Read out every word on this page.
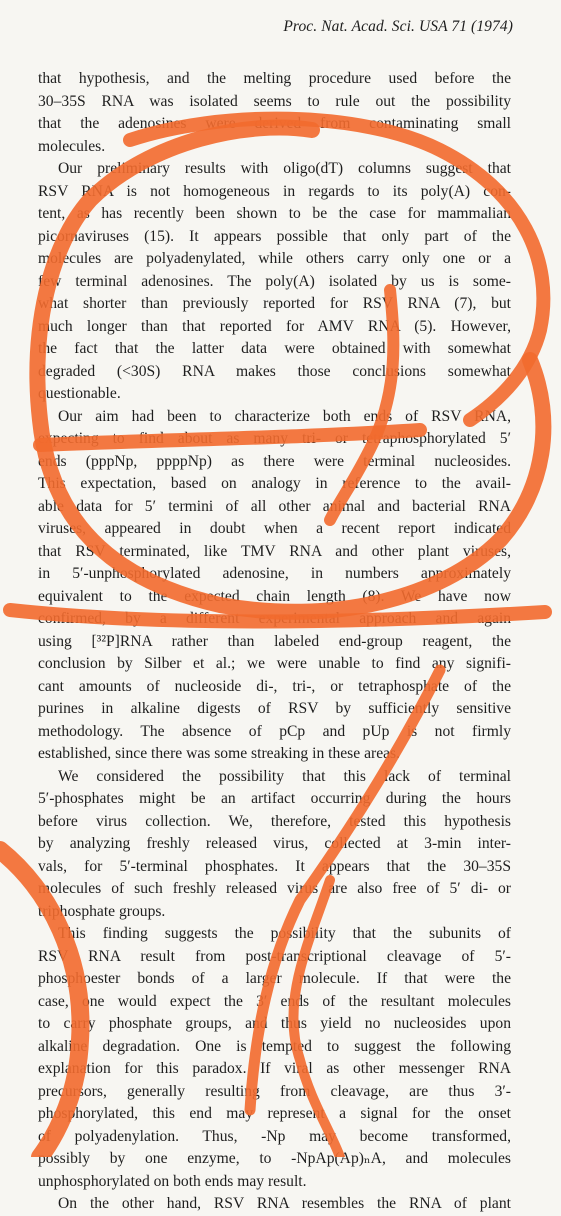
Proc. Nat. Acad. Sci. USA 71 (1974)
that hypothesis, and the melting procedure used before the
30–35S RNA was isolated seems to rule out the possibility
that the adenosines were derived from contaminating small
molecules.
Our preliminary results with oligo(dT) columns suggest that
RSV RNA is not homogeneous in regards to its poly(A) con-
tent, as has recently been shown to be the case for mammalian
picornaviruses (15). It appears possible that only part of the
molecules are polyadenylated, while others carry only one or a
few terminal adenosines. The poly(A) isolated by us is some-
what shorter than previously reported for RSV RNA (7), but
much longer than that reported for AMV RNA (5). However,
the fact that the latter data were obtained with somewhat
degraded (<30S) RNA makes those conclusions somewhat
questionable.
Our aim had been to characterize both ends of RSV RNA,
expecting to find about as many tri- or tetraphosphorylated 5′
ends (pppNp, ppppNp) as there were terminal nucleosides.
This expectation, based on analogy in reference to the avail-
able data for 5′ termini of all other animal and bacterial RNA
viruses, appeared in doubt when a recent report indicated
that RSV terminated, like TMV RNA and other plant viruses,
in 5′-unphosphorylated adenosine, in numbers approximately
equivalent to the expected chain length (8). We have now
confirmed, by a different experimental approach and again
using [³²P]RNA rather than labeled end-group reagent, the
conclusion by Silber et al.; we were unable to find any signifi-
cant amounts of nucleoside di-, tri-, or tetraphosphate of the
purines in alkaline digests of RSV by sufficiently sensitive
methodology. The absence of pCp and pUp is not firmly
established, since there was some streaking in these areas.
We considered the possibility that this lack of terminal
5′-phosphates might be an artifact occurring during the hours
before virus collection. We, therefore, tested this hypothesis
by analyzing freshly released virus, collected at 3-min inter-
vals, for 5′-terminal phosphates. It appears that the 30–35S
molecules of such freshly released virus are also free of 5′ di- or
triphosphate groups.
This finding suggests the possibility that the subunits of
RSV RNA result from post-transcriptional cleavage of 5′-
phosphoester bonds of a larger molecule. If that were the
case, one would expect the 3′ ends of the resultant molecules
to carry phosphate groups, and thus yield no nucleosides upon
alkaline degradation. One is tempted to suggest the following
explanation for this paradox. If viral as other messenger RNA
precursors, generally resulting from cleavage, are thus 3′-
phosphorylated, this end may represent a signal for the onset
of polyadenylation. Thus, -Np may become transformed,
possibly by one enzyme, to -NpAp(Ap)ₙA, and molecules
unphosphorylated on both ends may result.
On the other hand, RSV RNA resembles the RNA of plant
